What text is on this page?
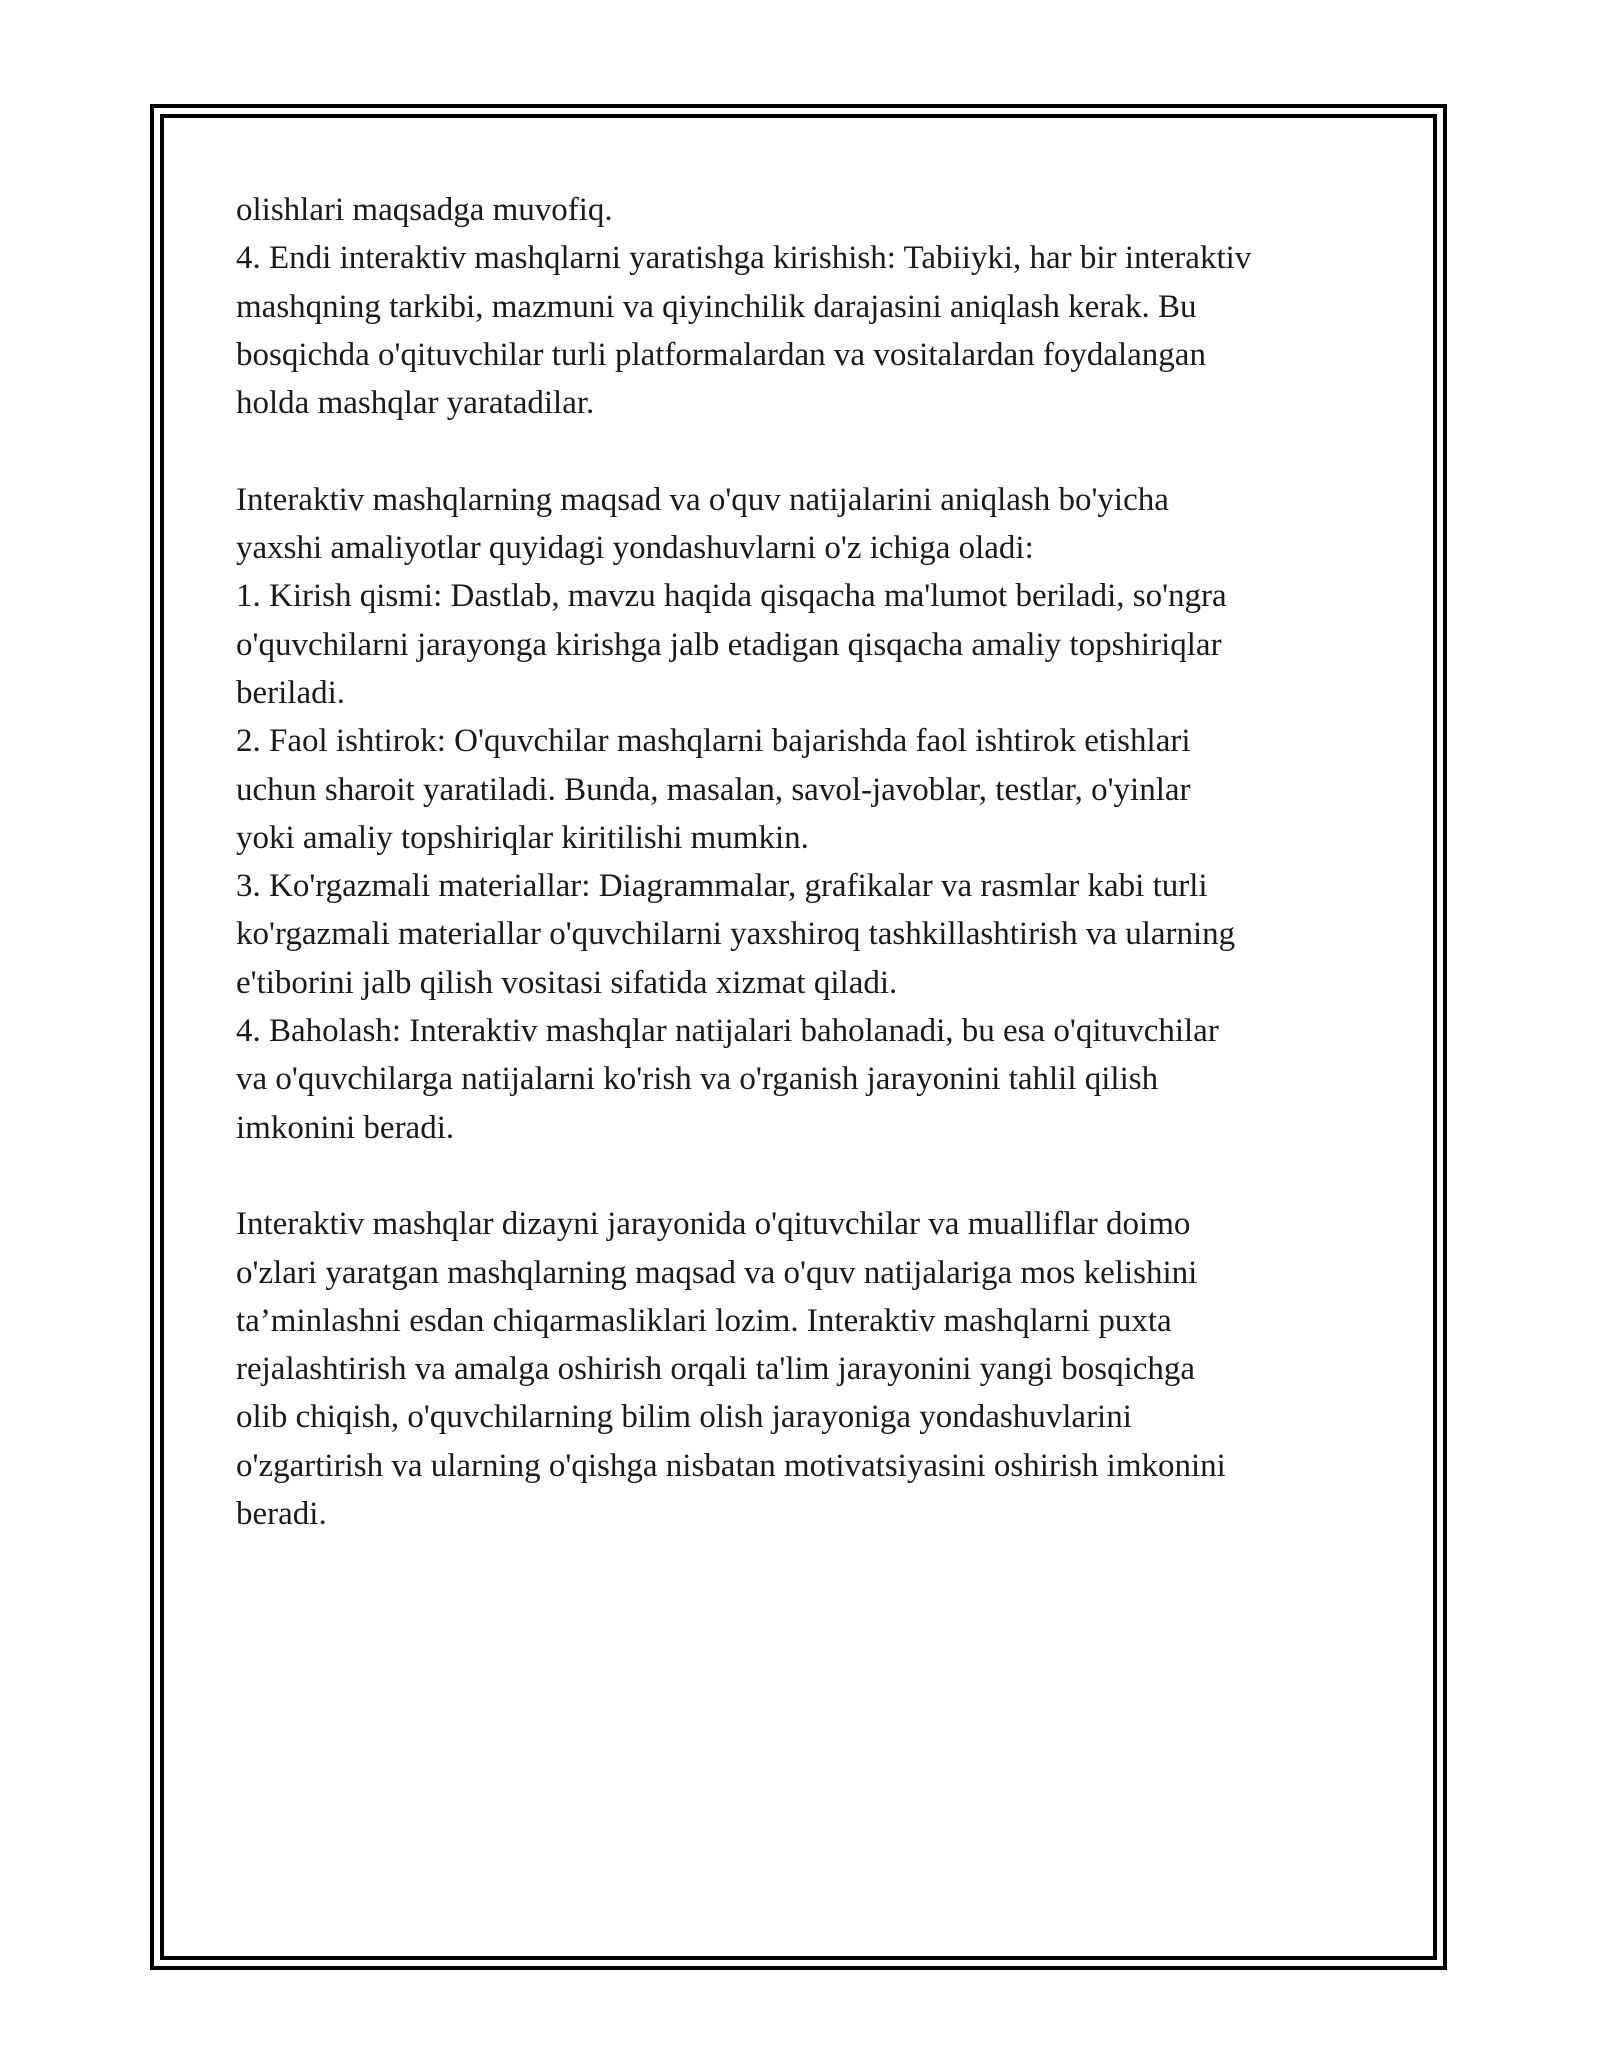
olishlari maqsadga muvofiq.

4. Endi interaktiv mashqlarni yaratishga kirishish: Tabiiyki, har bir interaktiv

mashqning tarkibi, mazmuni va qiyinchilik darajasini aniqlash kerak. Bu

bosqichda o'qituvchilar turli platformalardan va vositalardan foydalangan

holda mashqlar yaratadilar.

Interaktiv mashqlarning maqsad va o'quv natijalarini aniqlash bo'yicha

yaxshi amaliyotlar quyidagi yondashuvlarni o'z ichiga oladi:

1. Kirish qismi: Dastlab, mavzu haqida qisqacha ma'lumot beriladi, so'ngra

o'quvchilarni jarayonga kirishga jalb etadigan qisqacha amaliy topshiriqlar

beriladi.

2. Faol ishtirok: O'quvchilar mashqlarni bajarishda faol ishtirok etishlari

uchun sharoit yaratiladi. Bunda, masalan, savol-javoblar, testlar, o'yinlar

yoki amaliy topshiriqlar kiritilishi mumkin.

3. Ko'rgazmali materiallar: Diagrammalar, grafikalar va rasmlar kabi turli

ko'rgazmali materiallar o'quvchilarni yaxshiroq tashkillashtirish va ularning

e'tiborini jalb qilish vositasi sifatida xizmat qiladi.

4. Baholash: Interaktiv mashqlar natijalari baholanadi, bu esa o'qituvchilar

va o'quvchilarga natijalarni ko'rish va o'rganish jarayonini tahlil qilish

imkonini beradi.

Interaktiv mashqlar dizayni jarayonida o'qituvchilar va mualliflar doimo

o'zlari yaratgan mashqlarning maqsad va o'quv natijalariga mos kelishini

ta’minlashni esdan chiqarmasliklari lozim. Interaktiv mashqlarni puxta

rejalashtirish va amalga oshirish orqali ta'lim jarayonini yangi bosqichga

olib chiqish, o'quvchilarning bilim olish jarayoniga yondashuvlarini

o'zgartirish va ularning o'qishga nisbatan motivatsiyasini oshirish imkonini

beradi.
